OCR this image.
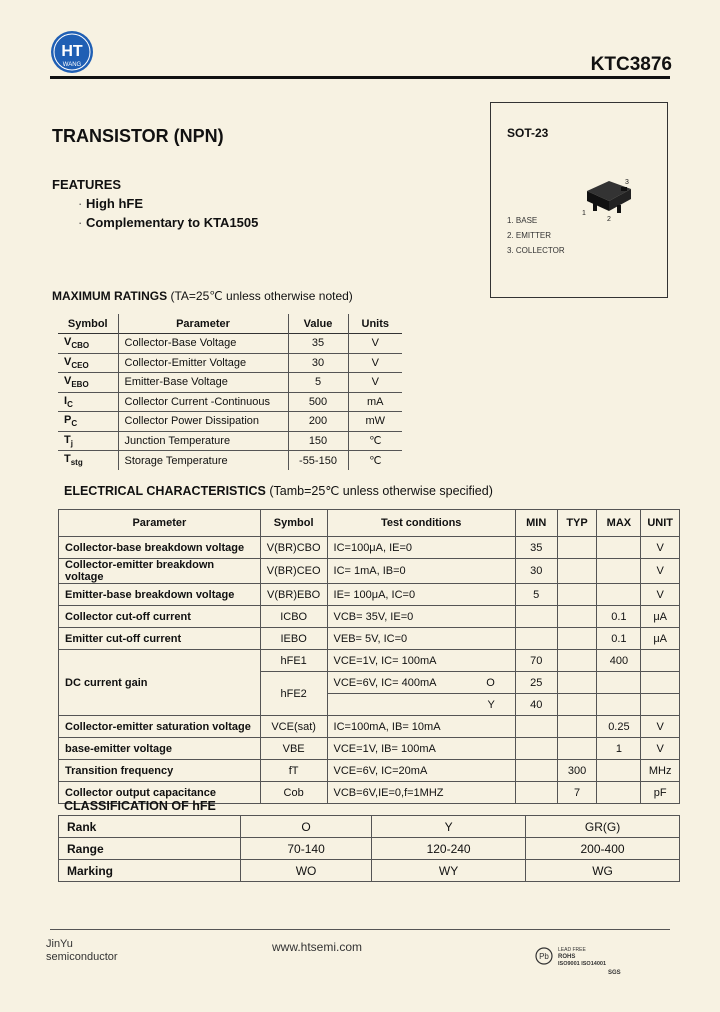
HT
WANG	KTC3876
TRANSISTOR (NPN)
FEATURES
· High hFE
· Complementary to KTA1505
SOT-23
3
1
2
1. BASE
2. EMITTER
3. COLLECTOR
MAXIMUM RATINGS (TA=25℃ unless otherwise noted)
Symbol	Parameter	Value	Units
$V_{CBO}$	Collector-Base Voltage	35	V
$V_{CEO}$	Collector-Emitter Voltage	30	V
$V_{EBO}$	Emitter-Base Voltage	5	V
$I_C$	Collector Current -Continuous	500	mA
$P_C$	Collector Power Dissipation	200	mW
$T_j$	Junction Temperature	150	℃
$T_{stg}$	Storage Temperature	-55-150	℃
ELECTRICAL CHARACTERISTICS (Tamb=25℃ unless otherwise specified)
Parameter	Symbol	Test conditions	MIN	TYP	MAX	UNIT
Collector-base breakdown voltage	V(BR)CBO	IC=100μA, IE=0	35			V
Collector-emitter breakdown voltage	V(BR)CEO	IC= 1mA, IB=0	30			V
Emitter-base breakdown voltage	V(BR)EBO	IE= 100μA, IC=0	5			V
Collector cut-off current	ICBO	VCB= 35V, IE=0			0.1	μA
Emitter cut-off current	IEBO	VEB= 5V, IC=0			0.1	μA
DC current gain	hFE1	VCE=1V, IC= 100mA	70		400	
	hFE2	VCE=6V, IC= 400mA O	25			
		Y	40			
Collector-emitter saturation voltage	VCE(sat)	IC=100mA, IB= 10mA			0.25	V
base-emitter voltage	VBE	VCE=1V, IB= 100mA			1	V
Transition frequency	fT	VCE=6V, IC=20mA		300		MHz
Collector output capacitance	Cob	VCB=6V,IE=0,f=1MHZ		7		pF
CLASSIFICATION OF hFE
Rank	O	Y	GR(G)
Range	70-140	120-240	200-400
Marking	WO	WY	WG
JinYu
semiconductor
www.htsemi.com
Pb
LEAD FREE
ROHS
ISO9001 ISO14001
SGS
